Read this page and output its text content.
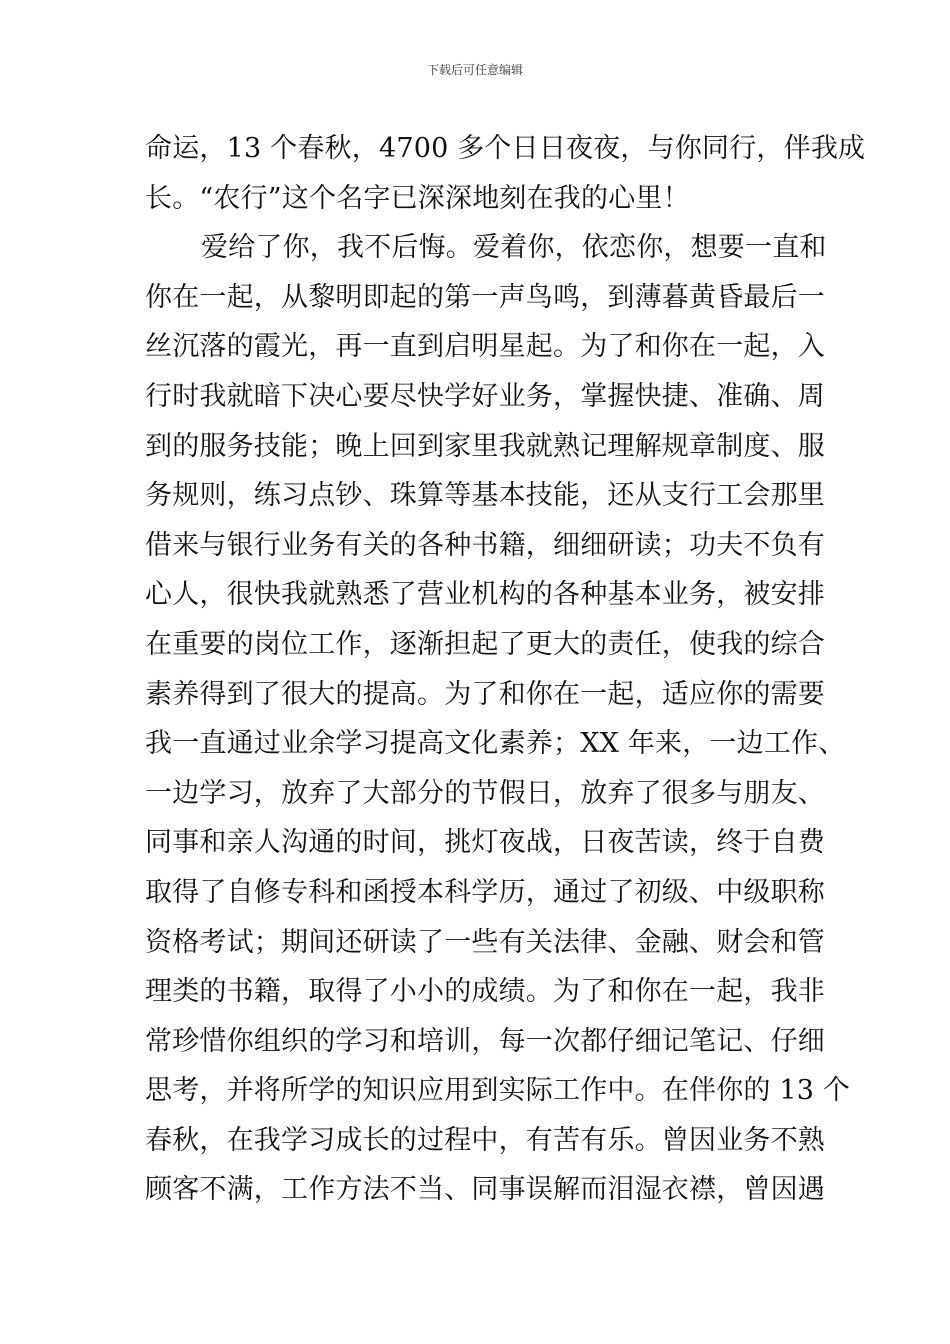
下载后可任意编辑
命运，13 个春秋，4700 多个日日夜夜，与你同行，伴我成
长。“农行”这个名字已深深地刻在我的心里！
爱给了你，我不后悔。爱着你，依恋你，想要一直和
你在一起，从黎明即起的第一声鸟鸣，到薄暮黄昏最后一
丝沉落的霞光，再一直到启明星起。为了和你在一起，入
行时我就暗下决心要尽快学好业务，掌握快捷、准确、周
到的服务技能；晚上回到家里我就熟记理解规章制度、服
务规则，练习点钞、珠算等基本技能，还从支行工会那里
借来与银行业务有关的各种书籍，细细研读；功夫不负有
心人，很快我就熟悉了营业机构的各种基本业务，被安排
在重要的岗位工作，逐渐担起了更大的责任，使我的综合
素养得到了很大的提高。为了和你在一起，适应你的需要
我一直通过业余学习提高文化素养；XX 年来，一边工作、
一边学习，放弃了大部分的节假日，放弃了很多与朋友、
同事和亲人沟通的时间，挑灯夜战，日夜苦读，终于自费
取得了自修专科和函授本科学历，通过了初级、中级职称
资格考试；期间还研读了一些有关法律、金融、财会和管
理类的书籍，取得了小小的成绩。为了和你在一起，我非
常珍惜你组织的学习和培训，每一次都仔细记笔记、仔细
思考，并将所学的知识应用到实际工作中。在伴你的 13 个
春秋，在我学习成长的过程中，有苦有乐。曾因业务不熟
顾客不满，工作方法不当、同事误解而泪湿衣襟，曾因遇
